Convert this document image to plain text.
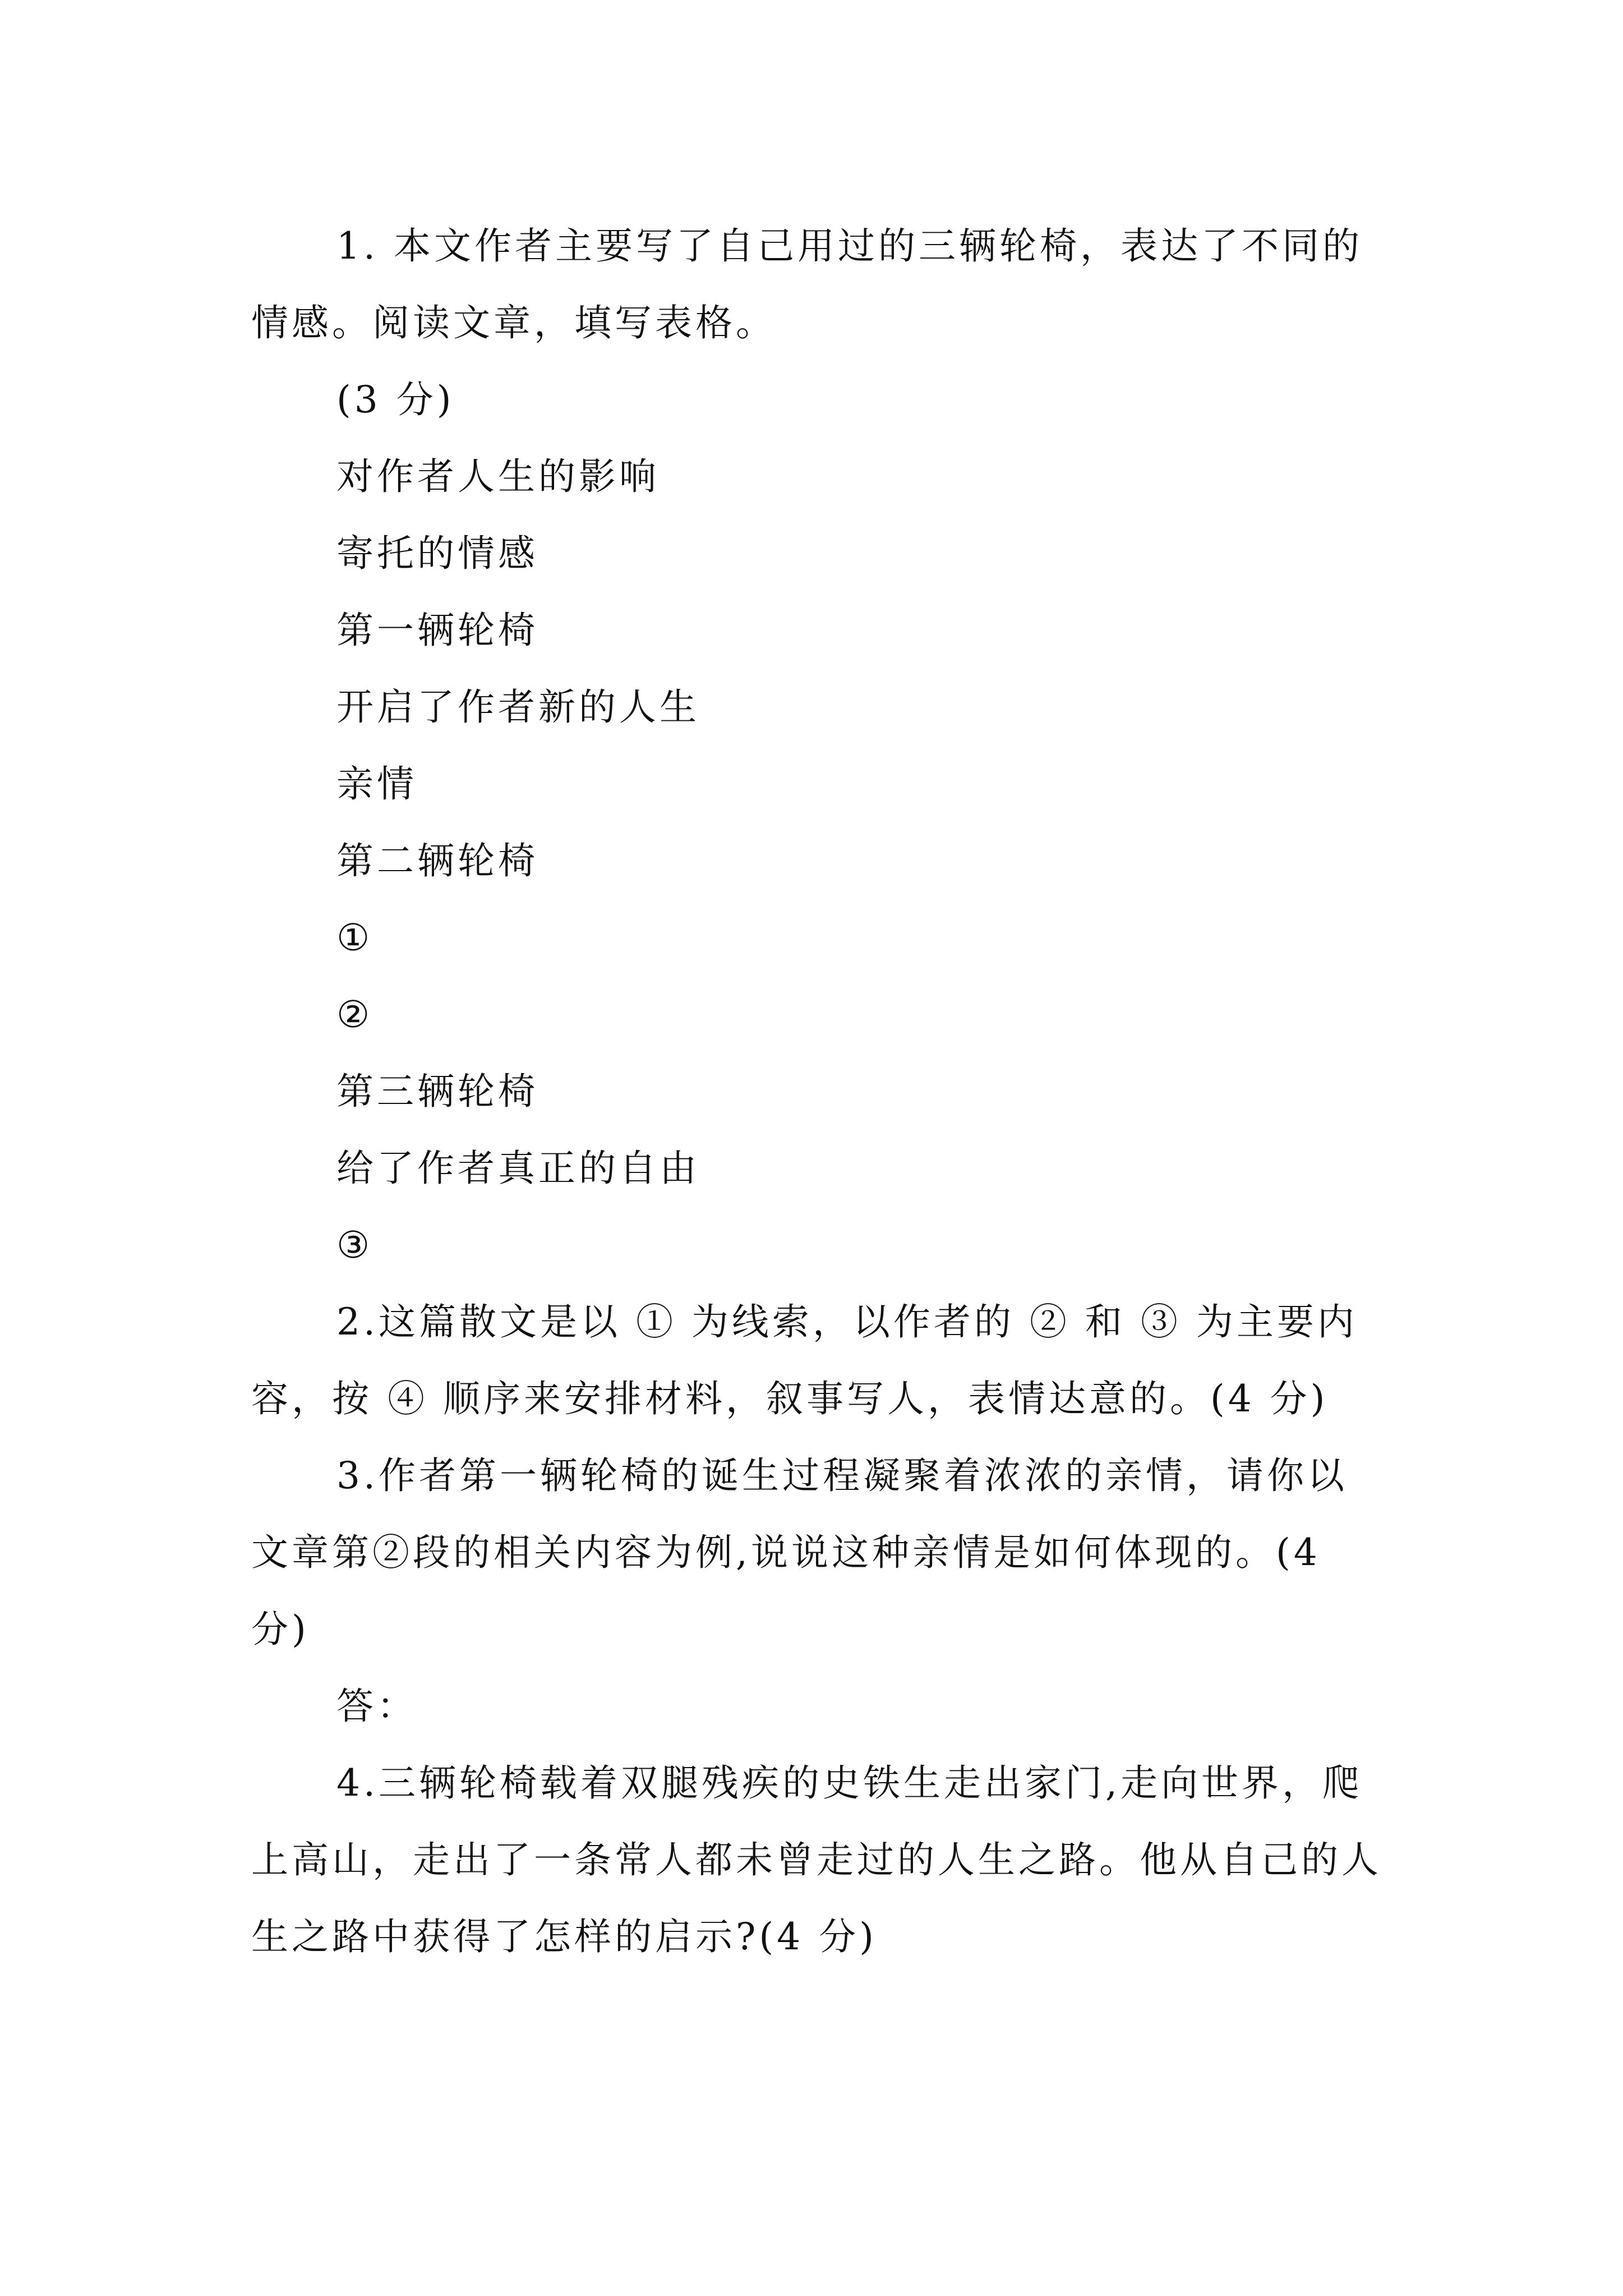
1. 本文作者主要写了自己用过的三辆轮椅，表达了不同的情感。阅读文章，填写表格。

(3 分)

对作者人生的影响

寄托的情感

第一辆轮椅

开启了作者新的人生

亲情

第二辆轮椅

①

②

第三辆轮椅

给了作者真正的自由

③

2.这篇散文是以 ① 为线索，以作者的 ② 和 ③ 为主要内容，按 ④ 顺序来安排材料，叙事写人，表情达意的。(4 分)

3.作者第一辆轮椅的诞生过程凝聚着浓浓的亲情，请你以文章第②段的相关内容为例,说说这种亲情是如何体现的。(4 分)

答：

4.三辆轮椅载着双腿残疾的史铁生走出家门,走向世界，爬上高山，走出了一条常人都未曾走过的人生之路。他从自己的人生之路中获得了怎样的启示?(4 分)
